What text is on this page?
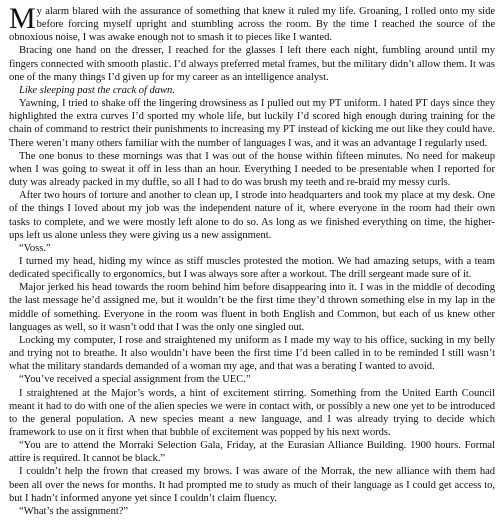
My alarm blared with the assurance of something that knew it ruled my life. Groaning, I rolled onto my side before forcing myself upright and stumbling across the room. By the time I reached the source of the obnoxious noise, I was awake enough not to smash it to pieces like I wanted.

Bracing one hand on the dresser, I reached for the glasses I left there each night, fumbling around until my fingers connected with smooth plastic. I’d always preferred metal frames, but the military didn’t allow them. It was one of the many things I’d given up for my career as an intelligence analyst.

Like sleeping past the crack of dawn.

Yawning, I tried to shake off the lingering drowsiness as I pulled out my PT uniform. I hated PT days since they highlighted the extra curves I’d sported my whole life, but luckily I’d scored high enough during training for the chain of command to restrict their punishments to increasing my PT instead of kicking me out like they could have. There weren’t many others familiar with the number of languages I was, and it was an advantage I regularly used.

The one bonus to these mornings was that I was out of the house within fifteen minutes. No need for makeup when I was going to sweat it off in less than an hour. Everything I needed to be presentable when I reported for duty was already packed in my duffle, so all I had to do was brush my teeth and re-braid my messy curls.

After two hours of torture and another to clean up, I strode into headquarters and took my place at my desk. One of the things I loved about my job was the independent nature of it, where everyone in the room had their own tasks to complete, and we were mostly left alone to do so. As long as we finished everything on time, the higher-ups left us alone unless they were giving us a new assignment.

“Voss.”

I turned my head, hiding my wince as stiff muscles protested the motion. We had amazing setups, with a team dedicated specifically to ergonomics, but I was always sore after a workout. The drill sergeant made sure of it.

Major jerked his head towards the room behind him before disappearing into it. I was in the middle of decoding the last message he’d assigned me, but it wouldn’t be the first time they’d thrown something else in my lap in the middle of something. Everyone in the room was fluent in both English and Common, but each of us knew other languages as well, so it wasn’t odd that I was the only one singled out.

Locking my computer, I rose and straightened my uniform as I made my way to his office, sucking in my belly and trying not to breathe. It also wouldn’t have been the first time I’d been called in to be reminded I still wasn’t what the military standards demanded of a woman my age, and that was a berating I wanted to avoid.

“You’ve received a special assignment from the UEC.”

I straightened at the Major’s words, a hint of excitement stirring. Something from the United Earth Council meant it had to do with one of the alien species we were in contact with, or possibly a new one yet to be introduced to the general population. A new species meant a new language, and I was already trying to decide which framework to use on it first when that bubble of excitement was popped by his next words.

“You are to attend the Morraki Selection Gala, Friday, at the Eurasian Alliance Building. 1900 hours. Formal attire is required. It cannot be black.”

I couldn’t help the frown that creased my brows. I was aware of the Morrak, the new alliance with them had been all over the news for months. It had prompted me to study as much of their language as I could get access to, but I hadn’t informed anyone yet since I couldn’t claim fluency.

“What’s the assignment?”
